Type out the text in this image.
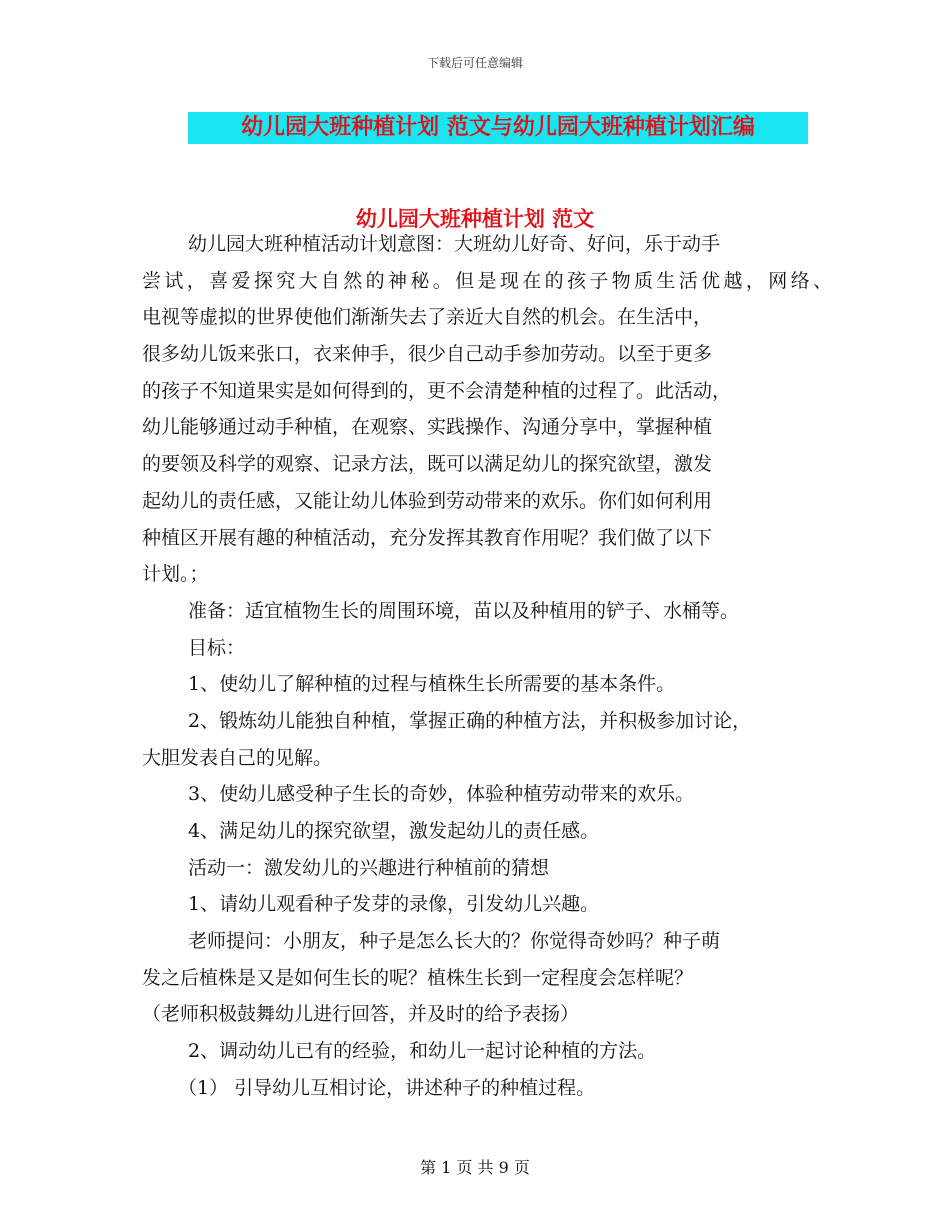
下载后可任意编辑
幼儿园大班种植计划 范文与幼儿园大班种植计划汇编
幼儿园大班种植计划 范文
幼儿园大班种植活动计划意图：大班幼儿好奇、好问，乐于动手
尝试，喜爱探究大自然的神秘。但是现在的孩子物质生活优越，网络、
电视等虚拟的世界使他们渐渐失去了亲近大自然的机会。在生活中，
很多幼儿饭来张口，衣来伸手，很少自己动手参加劳动。以至于更多
的孩子不知道果实是如何得到的，更不会清楚种植的过程了。此活动，
幼儿能够通过动手种植，在观察、实践操作、沟通分享中，掌握种植
的要领及科学的观察、记录方法，既可以满足幼儿的探究欲望，激发
起幼儿的责任感，又能让幼儿体验到劳动带来的欢乐。你们如何利用
种植区开展有趣的种植活动，充分发挥其教育作用呢？我们做了以下
计划。；
准备：适宜植物生长的周围环境，苗以及种植用的铲子、水桶等。
目标：
1、使幼儿了解种植的过程与植株生长所需要的基本条件。
2、锻炼幼儿能独自种植，掌握正确的种植方法，并积极参加讨论，
大胆发表自己的见解。
3、使幼儿感受种子生长的奇妙，体验种植劳动带来的欢乐。
4、满足幼儿的探究欲望，激发起幼儿的责任感。
活动一：激发幼儿的兴趣进行种植前的猜想
1、请幼儿观看种子发芽的录像，引发幼儿兴趣。
老师提问：小朋友，种子是怎么长大的？你觉得奇妙吗？种子萌
发之后植株是又是如何生长的呢？植株生长到一定程度会怎样呢？
（老师积极鼓舞幼儿进行回答，并及时的给予表扬）
2、调动幼儿已有的经验，和幼儿一起讨论种植的方法。
（1） 引导幼儿互相讨论，讲述种子的种植过程。
第 1 页 共 9 页
